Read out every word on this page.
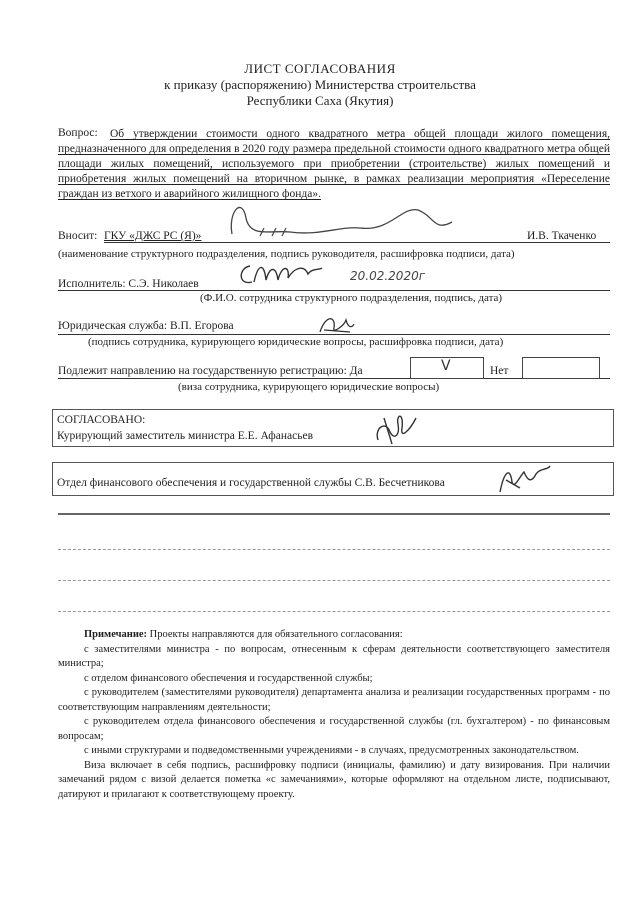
ЛИСТ СОГЛАСОВАНИЯ
к приказу (распоряжению) Министерства строительства
Республики Саха (Якутия)
Об утверждении стоимости одного квадратного метра общей площади жилого помещения, предназначенного для определения в 2020 году размера предельной стоимости одного квадратного метра общей площади жилых помещений, используемого при приобретении (строительстве) жилых помещений и приобретения жилых помещений на вторичном рынке, в рамках реализации мероприятия «Переселение граждан из ветхого и аварийного жилищного фонда».
Вопрос:
Вносит: ГКУ «ДЖС РС (Я)»	И.В. Ткаченко
(наименование структурного подразделения, подпись руководителя, расшифровка подписи, дата)
Исполнитель: С.Э. Николаев
(Ф.И.О. сотрудника структурного подразделения, подпись, дата)
20.02.2020г
Юридическая служба: В.П. Егорова
(подпись сотрудника, курирующего юридические вопросы, расшифровка подписи, дата)
Подлежит направлению на государственную регистрацию: Да	V	Нет
(виза сотрудника, курирующего юридические вопросы)
СОГЛАСОВАНО:
Курирующий заместитель министра Е.Е. Афанасьев
Отдел финансового обеспечения и государственной службы С.В. Бесчетникова

Примечание: Проекты направляются для обязательного согласования:

с заместителями министра - по вопросам, отнесенным к сферам деятельности соответствующего заместителя министра;

с отделом финансового обеспечения и государственной службы;

с руководителем (заместителями руководителя) департамента анализа и реализации государственных программ - по соответствующим направлениям деятельности;

с руководителем отдела финансового обеспечения и государственной службы (гл. бухгалтером) - по финансовым вопросам;

с иными структурами и подведомственными учреждениями - в случаях, предусмотренных законодательством.

Виза включает в себя подпись, расшифровку подписи (инициалы, фамилию) и дату визирования. При наличии замечаний рядом с визой делается пометка «с замечаниями», которые оформляют на отдельном листе, подписывают, датируют и прилагают к соответствующему проекту.
